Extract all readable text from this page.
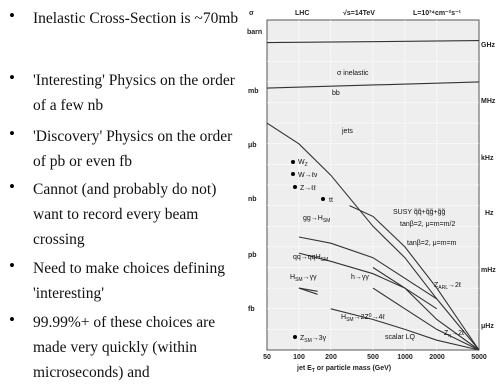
• Inelastic Cross-Section is ~70mb
• 'Interesting' Physics on the order of a few nb
• 'Discovery' Physics on the order of pb or even fb
• Cannot (and probably do not) want to record every beam crossing
• Need to make choices defining 'interesting'
• 99.99%+ of these choices are made very quickly (within microseconds) and
σ	LHC	√s=14TeV	L=10³⁴cm⁻²s⁻¹
barn
mb
μb
nb
pb
fb
GHz
MHz
kHz
Hz
mHz
μHz
50	100	200	500	1000 2000	5000
jet $E_T$ or particle mass (GeV)
σ inelastic
bb
jets
$W_Z$
W→ℓν
Z→ℓℓ
tt
$gg\to H_{SM}$
qq→qqH$_{SM}$
SUSY q̃q̃+q̃g̃+g̃g̃
tanβ=2, μ=m=m/2
tanβ=2, μ=m=m
$H_{SM}\to\gamma\gamma$	h→γγ
$Z_{ARL}\to 2\ell$
$H_{SM}\to 2Z^0\to 4\ell$
scalar LQ
$Z_\eta\to 2\ell$
$Z_{SM}\to 3\gamma$
